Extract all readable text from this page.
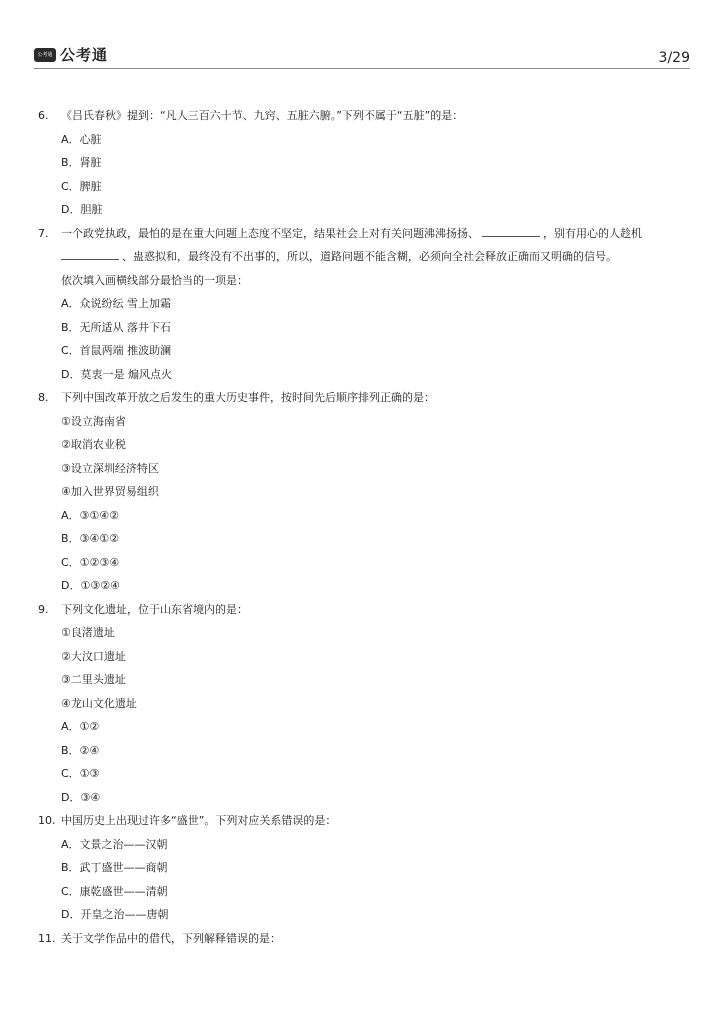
公考通 公考通	3/29
6.	《吕氏春秋》提到：“凡人三百六十节、九窍、五脏六腑。”下列不属于“五脏”的是：
A．心脏
B．肾脏
C．脾脏
D．胆脏
7.	一个政党执政，最怕的是在重大问题上态度不坚定，结果社会上对有关问题沸沸扬扬、	，别有用心的人趁机
、蛊惑拟和，最终没有不出事的，所以，道路问题不能含糊，必须向全社会释放正确而又明确的信号。
依次填入画横线部分最恰当的一项是：
A．众说纷纭 雪上加霜
B．无所适从 落井下石
C．首鼠两端 推波助澜
D．莫衷一是 煽风点火
8.	下列中国改革开放之后发生的重大历史事件，按时间先后顺序排列正确的是：
①设立海南省
②取消农业税
③设立深圳经济特区
④加入世界贸易组织
A．③①④②
B．③④①②
C．①②③④
D．①③②④
9.	下列文化遗址，位于山东省境内的是：
①良渚遗址
②大汶口遗址
③二里头遗址
④龙山文化遗址
A．①②
B．②④
C．①③
D．③④
10. 中国历史上出现过许多“盛世”。下列对应关系错误的是：
A．文景之治——汉朝
B．武丁盛世——商朝
C．康乾盛世——清朝
D．开皇之治——唐朝
11. 关于文学作品中的借代，下列解释错误的是：
